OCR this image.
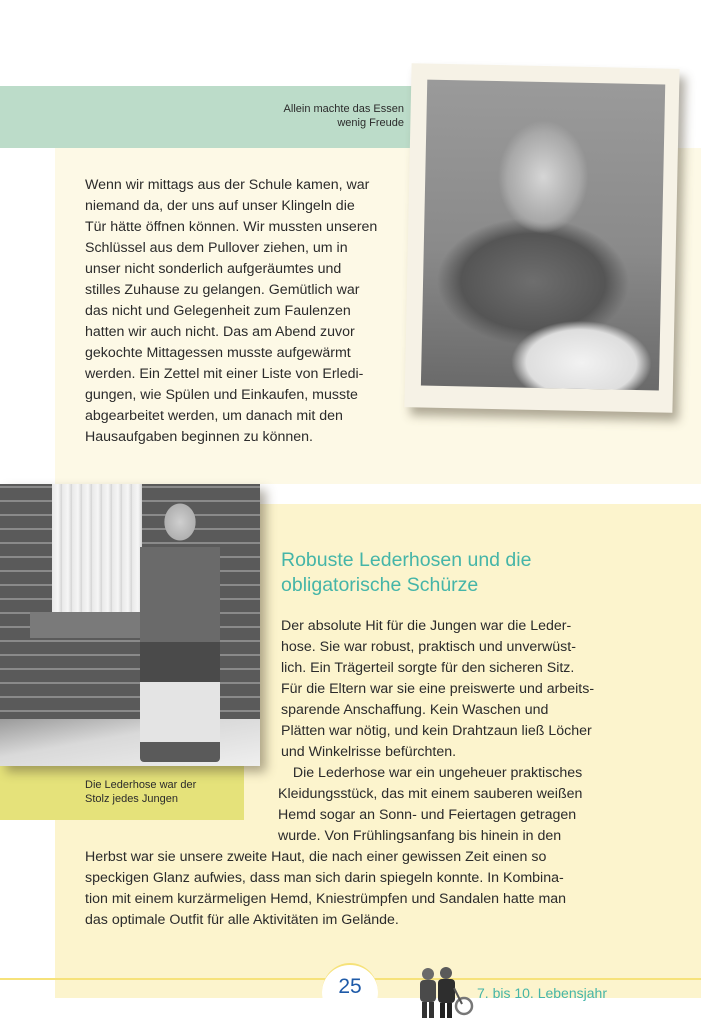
Allein machte das Essen
wenig Freude

Wenn wir mittags aus der Schule kamen, war
niemand da, der uns auf unser Klingeln die
Tür hätte öffnen können. Wir mussten unseren
Schlüssel aus dem Pullover ziehen, um in
unser nicht sonderlich aufgeräumtes und
stilles Zuhause zu gelangen. Gemütlich war
das nicht und Gelegenheit zum Faulenzen
hatten wir auch nicht. Das am Abend zuvor
gekochte Mittagessen musste aufgewärmt
werden. Ein Zettel mit einer Liste von Erledi-
gungen, wie Spülen und Einkaufen, musste
abgearbeitet werden, um danach mit den
Hausaufgaben beginnen zu können.

Die Lederhose war der
Stolz jedes Jungen
Robuste Lederhosen und die
obligatorische Schürze

Der absolute Hit für die Jungen war die Leder-
hose. Sie war robust, praktisch und unverwüst-
lich. Ein Trägerteil sorgte für den sicheren Sitz.
Für die Eltern war sie eine preiswerte und arbeits-
sparende Anschaffung. Kein Waschen und
Plätten war nötig, und kein Drahtzaun ließ Löcher
und Winkelrisse befürchten.

Die Lederhose war ein ungeheuer praktisches
Kleidungsstück, das mit einem sauberen weißen
Hemd sogar an Sonn- und Feiertagen getragen
wurde. Von Frühlingsanfang bis hinein in den

Herbst war sie unsere zweite Haut, die nach einer gewissen Zeit einen so
speckigen Glanz aufwies, dass man sich darin spiegeln konnte. In Kombina-
tion mit einem kurzärmeligen Hemd, Kniestrümpfen und Sandalen hatte man
das optimale Outfit für alle Aktivitäten im Gelände.
25	7. bis 10. Lebensjahr
